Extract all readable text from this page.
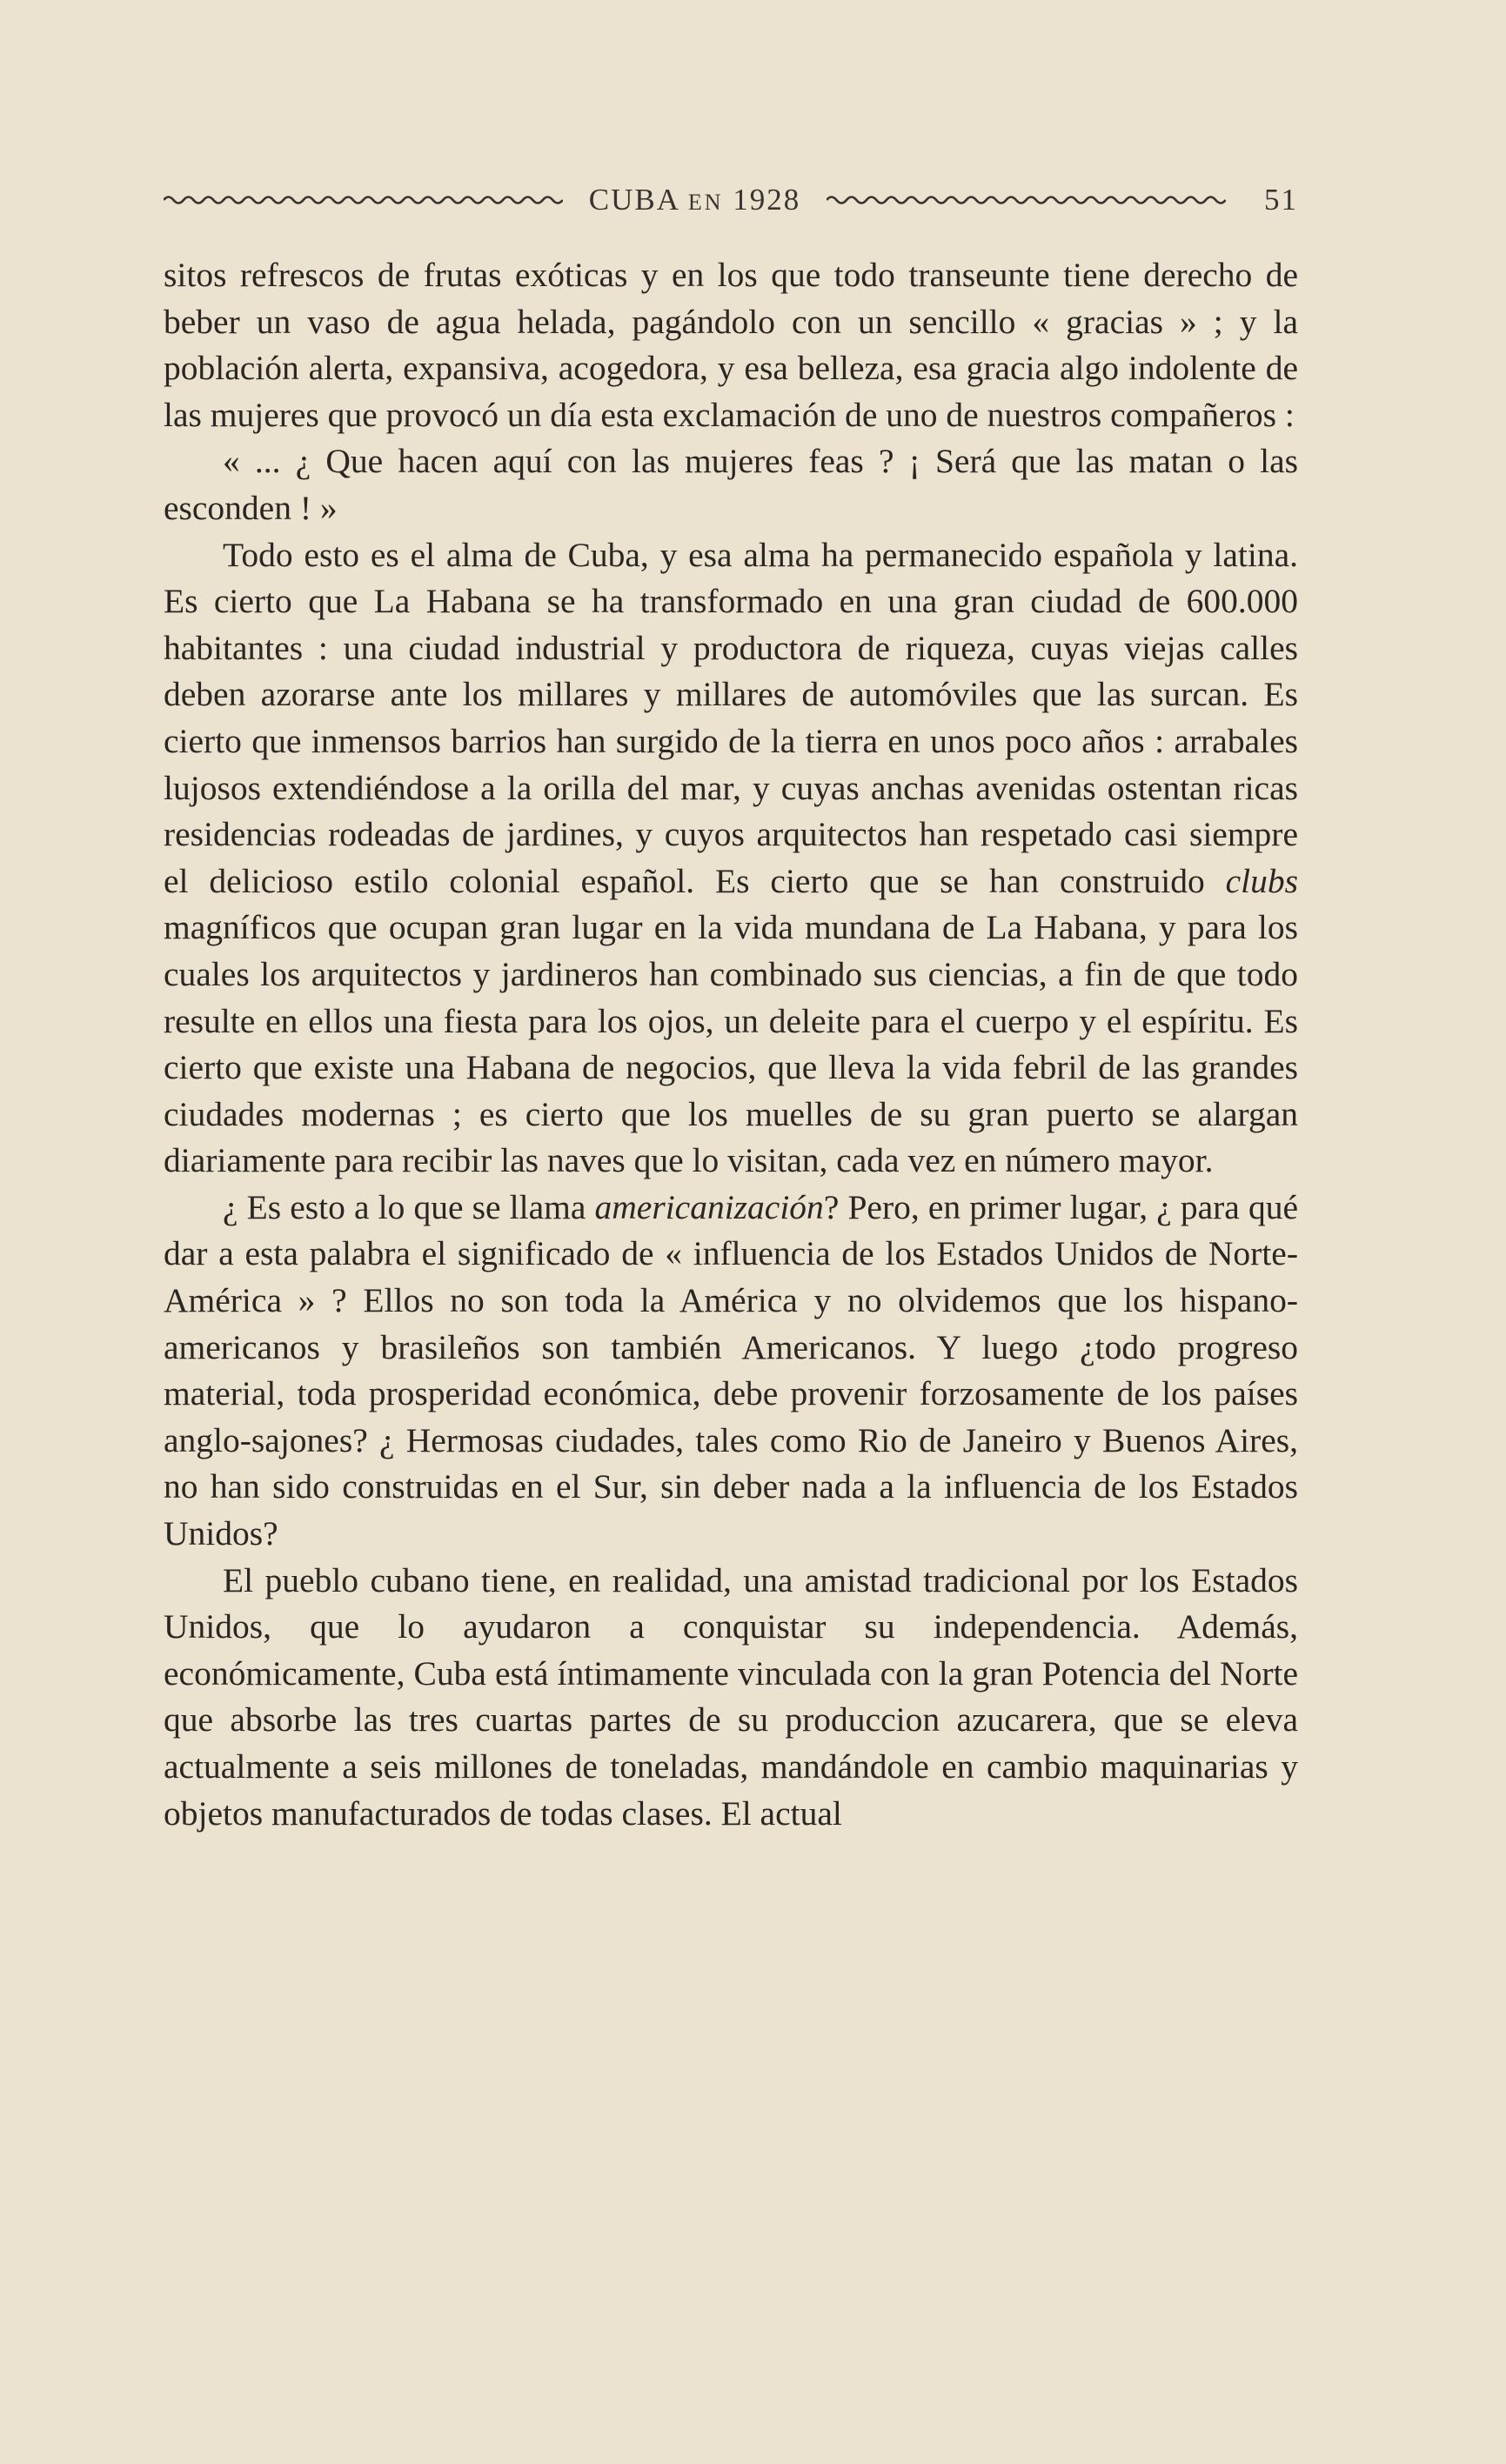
CUBA EN 1928	51

sitos refrescos de frutas exóticas y en los que todo transeunte tiene derecho de beber un vaso de agua helada, pagándolo con un sencillo « gracias » ; y la población alerta, expansiva, acogedora, y esa belleza, esa gracia algo indolente de las mujeres que provocó un día esta exclamación de uno de nuestros compañeros :

« ... ¿ Que hacen aquí con las mujeres feas ? ¡ Será que las matan o las esconden ! »

Todo esto es el alma de Cuba, y esa alma ha permanecido española y latina. Es cierto que La Habana se ha transformado en una gran ciudad de 600.000 habitantes : una ciudad industrial y productora de riqueza, cuyas viejas calles deben azorarse ante los millares y millares de automóviles que las surcan. Es cierto que inmensos barrios han surgido de la tierra en unos poco años : arrabales lujosos extendiéndose a la orilla del mar, y cuyas anchas avenidas ostentan ricas residencias rodeadas de jardines, y cuyos arquitectos han respetado casi siempre el delicioso estilo colonial español. Es cierto que se han construido clubs magníficos que ocupan gran lugar en la vida mundana de La Habana, y para los cuales los arquitectos y jardineros han combinado sus ciencias, a fin de que todo resulte en ellos una fiesta para los ojos, un deleite para el cuerpo y el espíritu. Es cierto que existe una Habana de negocios, que lleva la vida febril de las grandes ciudades modernas ; es cierto que los muelles de su gran puerto se alargan diariamente para recibir las naves que lo visitan, cada vez en número mayor.

¿ Es esto a lo que se llama americanización? Pero, en primer lugar, ¿ para qué dar a esta palabra el significado de « influencia de los Estados Unidos de Norte-América » ? Ellos no son toda la América y no olvidemos que los hispano-americanos y brasileños son también Americanos. Y luego ¿todo progreso material, toda prosperidad económica, debe provenir forzosamente de los países anglo-sajones? ¿ Hermosas ciudades, tales como Rio de Janeiro y Buenos Aires, no han sido construidas en el Sur, sin deber nada a la influencia de los Estados Unidos?

El pueblo cubano tiene, en realidad, una amistad tradicional por los Estados Unidos, que lo ayudaron a conquistar su independencia. Además, económicamente, Cuba está íntimamente vinculada con la gran Potencia del Norte que absorbe las tres cuartas partes de su produccion azucarera, que se eleva actualmente a seis millones de toneladas, mandándole en cambio maquinarias y objetos manufacturados de todas clases. El actual
